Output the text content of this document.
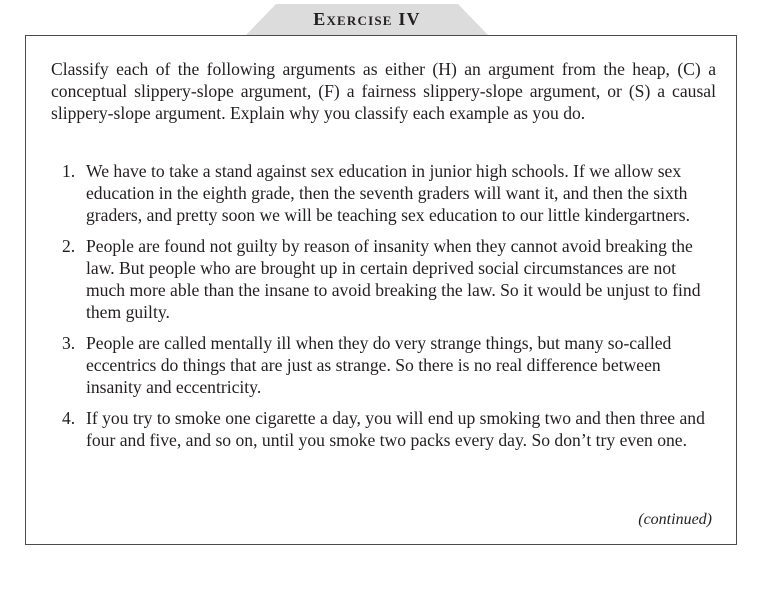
Exercise IV

Classify each of the following arguments as either (H) an argument from the heap, (C) a conceptual slippery-slope argument, (F) a fairness slippery-slope argument, or (S) a causal slippery-slope argument. Explain why you classify each example as you do.

1. We have to take a stand against sex education in junior high schools. If we allow sex education in the eighth grade, then the seventh graders will want it, and then the sixth graders, and pretty soon we will be teaching sex education to our little kindergartners.
2. People are found not guilty by reason of insanity when they cannot avoid breaking the law. But people who are brought up in certain deprived social circumstances are not much more able than the insane to avoid breaking the law. So it would be unjust to find them guilty.
3. People are called mentally ill when they do very strange things, but many so-called eccentrics do things that are just as strange. So there is no real difference between insanity and eccentricity.
4. If you try to smoke one cigarette a day, you will end up smoking two and then three and four and five, and so on, until you smoke two packs every day. So don’t try even one.
(continued)
